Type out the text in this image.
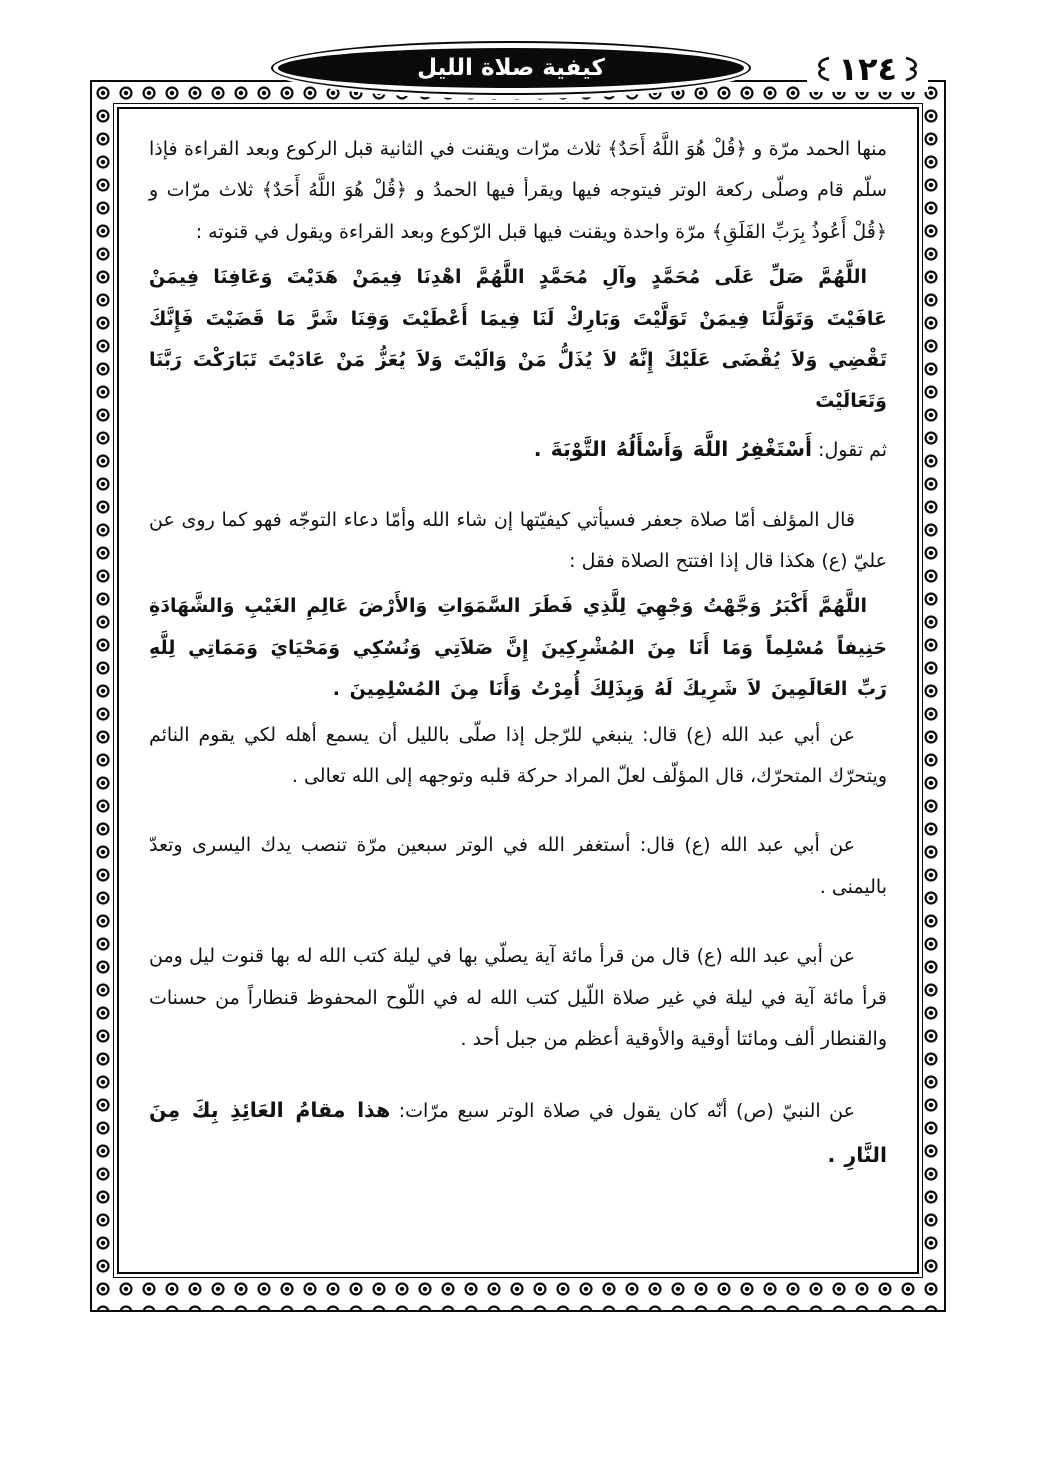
كيفية صلاة الليل	١٢٤

منها الحمد مرّة و ﴿قُلْ هُوَ اللَّهُ أَحَدٌ﴾ ثلاث مرّات ويقنت في الثانية قبل الركوع وبعد القراءة فإذا سلّم قام وصلّى ركعة الوتر فيتوجه فيها ويقرأ فيها الحمدُ و ﴿قُلْ هُوَ اللَّهُ أَحَدٌ﴾ ثلاث مرّات و ﴿قُلْ أَعُوذُ بِرَبِّ الفَلَقِ﴾ مرّة واحدة ويقنت فيها قبل الرّكوع وبعد القراءة ويقول في قنوته :

اللَّهُمَّ صَلِّ عَلَى مُحَمَّدٍ وآلِ مُحَمَّدٍ اللَّهُمَّ اهْدِنَا فِيمَنْ هَدَيْتَ وَعَافِنَا فِيمَنْ عَافَيْتَ وَتَوَلَّنَا فِيمَنْ تَوَلَّيْتَ وَبَارِكْ لَنَا فِيمَا أَعْطَيْتَ وَقِنَا شَرَّ مَا قَضَيْتَ فَإِنَّكَ تَقْضِي وَلاَ يُقْضَى عَلَيْكَ إِنَّهُ لاَ يُذَلُّ مَنْ وَالَيْتَ وَلاَ يُعَزُّ مَنْ عَادَيْتَ تَبَارَكْتَ رَبَّنَا وَتَعَالَيْتَ

ثم تقول: أَسْتَغْفِرُ اللَّهَ وَأَسْأَلُهُ التَّوْبَةَ .

قال المؤلف أمّا صلاة جعفر فسيأتي كيفيّتها إن شاء الله وأمّا دعاء التوجّه فهو كما روى عن عليّ (ع) هكذا قال إذا افتتح الصلاة فقل :

اللَّهُمَّ أَكْبَرُ وَجَّهْتُ وَجْهِيَ لِلَّذِي فَطَرَ السَّمَوَاتِ وَالأَرْضَ عَالِمِ الغَيْبِ وَالشَّهَادَةِ حَنِيفاً مُسْلِماً وَمَا أَنَا مِنَ المُشْرِكِينَ إِنَّ صَلاَتِي وَنُسُكِي وَمَحْيَايَ وَمَمَاتِي لِلَّهِ رَبِّ العَالَمِينَ لاَ شَرِيكَ لَهُ وَبِذَلِكَ أُمِرْتُ وَأَنَا مِنَ المُسْلِمِينَ .

عن أبي عبد الله (ع) قال: ينبغي للرّجل إذا صلّى بالليل أن يسمع أهله لكي يقوم النائم ويتحرّك المتحرّك، قال المؤلّف لعلّ المراد حركة قلبه وتوجهه إلى الله تعالى .

عن أبي عبد الله (ع) قال: أستغفر الله في الوتر سبعين مرّة تنصب يدك اليسرى وتعدّ باليمنى .

عن أبي عبد الله (ع) قال من قرأ مائة آية يصلّي بها في ليلة كتب الله له بها قنوت ليل ومن قرأ مائة آية في ليلة في غير صلاة اللّيل كتب الله له في اللّوح المحفوظ قنطاراً من حسنات والقنطار ألف ومائتا أوقية والأوقية أعظم من جبل أحد .

عن النبيّ (ص) أنّه كان يقول في صلاة الوتر سبع مرّات: هذا مقامُ العَائِذِ بِكَ مِنَ النَّارِ .
